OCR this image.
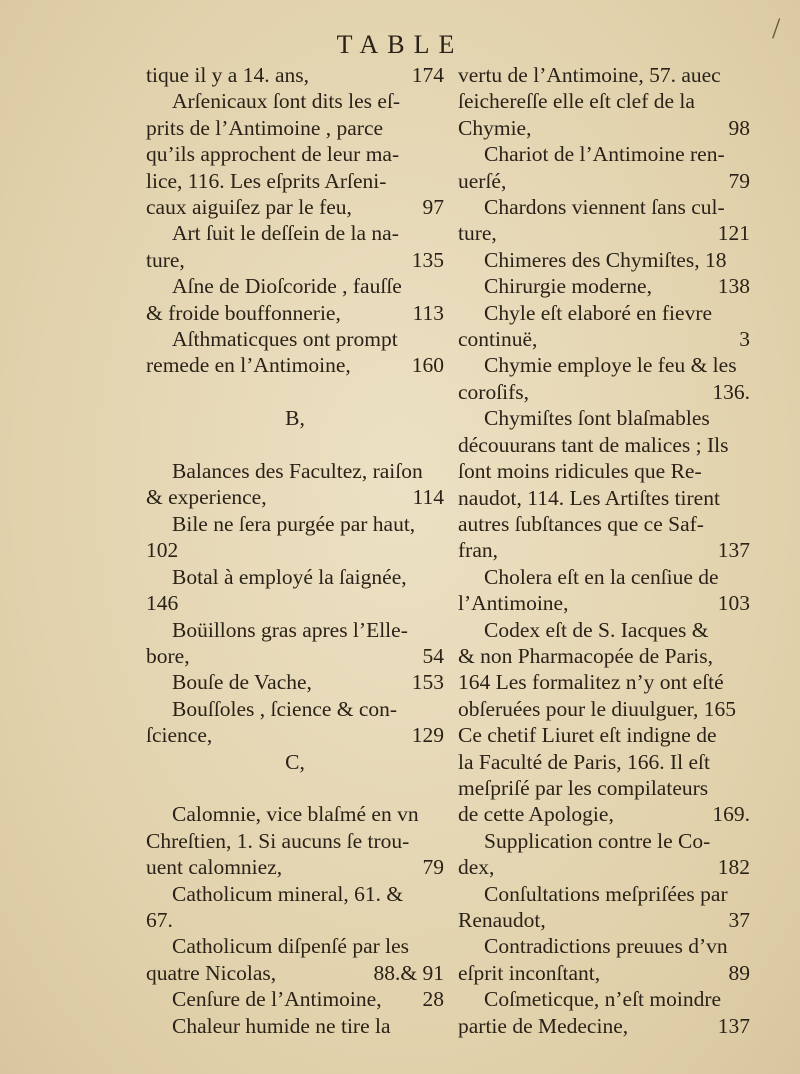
TABLE	/

tique il y a 14. ans,	174

Arſenicaux ſont dits les eſ-

prits de l’Antimoine , parce

qu’ils approchent de leur ma-

lice, 116. Les eſprits Arſeni-

caux aiguiſez par le feu,	97

Art ſuit le deſſein de la na-

ture,	135

Aſne de Dioſcoride , fauſſe

& froide bouffonnerie,	113

Aſthmaticques ont prompt

remede en l’Antimoine,	160

B,

Balances des Facultez, raiſon

& experience,	114

Bile ne ſera purgée par haut,

102

Botal à employé la ſaignée,

146

Boüillons gras apres l’Elle-

bore,	54

Bouſe de Vache,	153

Bouſſoles , ſcience & con-

ſcience,	129

C,

Calomnie, vice blaſmé en vn

Chreſtien, 1. Si aucuns ſe trou-

uent calomniez,	79

Catholicum mineral, 61. &

67.

Catholicum diſpenſé par les

quatre Nicolas,	88.& 91

Cenſure de l’Antimoine,	28

Chaleur humide ne tire la

vertu de l’Antimoine, 57. auec

ſeichereſſe elle eſt clef de la

Chymie,	98

Chariot de l’Antimoine ren-

uerſé,	79

Chardons viennent ſans cul-

ture,	121

Chimeres des Chymiſtes, 18

Chirurgie moderne,	138

Chyle eſt elaboré en fievre

continuë,	3

Chymie employe le feu & les

coroſifs,	136.

Chymiſtes ſont blaſmables

découurans tant de malices ; Ils

ſont moins ridicules que Re-

naudot, 114. Les Artiſtes tirent

autres ſubſtances que ce Saf-

fran,	137

Cholera eſt en la cenſiue de

l’Antimoine,	103

Codex eſt de S. Iacques &

& non Pharmacopée de Paris,

164 Les formalitez n’y ont eſté

obſeruées pour le diuulguer, 165

Ce chetif Liuret eſt indigne de

la Faculté de Paris, 166. Il eſt

meſpriſé par les compilateurs

de cette Apologie,	169.

Supplication contre le Co-

dex,	182

Conſultations meſpriſées par

Renaudot,	37

Contradictions preuues d’vn

eſprit inconſtant,	89

Coſmeticque, n’eſt moindre

partie de Medecine,	137
